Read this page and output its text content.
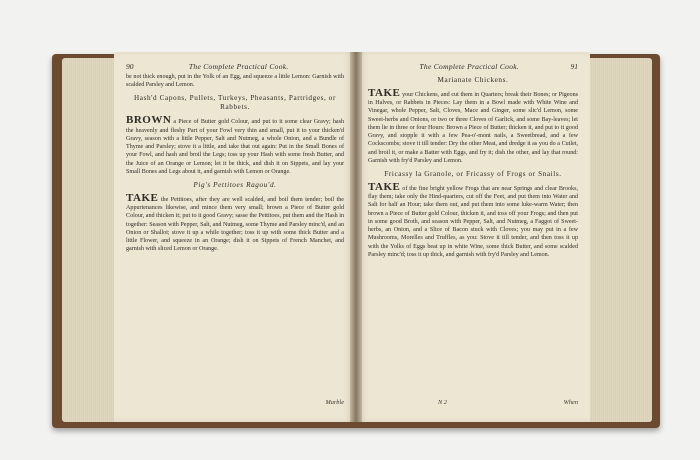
90	The Complete Practical Cook.
be not thick enough, put in the Yolk of an Egg, and squeeze a little Lemon: Garnish with scalded Parsley and Lemon.
Hash'd Capons, Pullets, Turkeys, Pheasants, Partridges, or Rabbets.
BROWN a Piece of Butter gold Colour, and put to it some clear Gravy; hash the heavenly and fleshy Part of your Fowl very thin and small, put it to your thicken'd Gravy, season with a little Pepper, Salt and Nutmeg, a whole Onion, and a Bundle of Thyme and Parsley; stove it a little, and take that out again: Put in the Small Bones of your Fowl, and hash and broil the Legs; toss up your Hash with some fresh Butter, and the Juice of an Orange or Lemon; let it be thick, and dish it on Sippets, and lay your Small Bones and Legs about it, and garnish with Lemon or Orange.
Pig's Pettitoes Ragou'd.
TAKE the Pettitoes, after they are well scalded, and boil them tender; boil the Appurtenances likewise, and mince them very small; brown a Piece of Butter gold Colour, and thicken it; put to it good Gravy; sasse the Pettitoes, put them and the Hash in together: Season with Pepper, Salt, and Nutmeg, some Thyme and Parsley minc'd, and an Onion or Shallot; stove it up a while together; toss it up with some thick Butter and a little Flower, and squeeze in an Orange; dish it on Sippets of French Manchet, and garnish with sliced Lemon or Orange.
Marble
The Complete Practical Cook.	91
Marianate Chickens.
TAKE your Chickens, and cut them in Quarters; break their Bones; or Pigeons in Halves, or Rabbets in Pieces: Lay them in a Bowl made with White Wine and Vinegar, whole Pepper, Salt, Cloves, Mace and Ginger, some slic'd Lemon, some Sweet-herbs and Onions, or two or three Cloves of Garlick, and some Bay-leaves; let them lie in three or four Hours: Brown a Piece of Butter; thicken it, and put to it good Gravy, and stopple it with a few Pea-o'-mont nails, a Sweetbread, and a few Cockscombs; stove it till tender: Dry the other Meat, and dredge it as you do a Cutlet, and broil it, or make a Batter with Eggs, and fry it; dish the other, and lay that round: Garnish with fry'd Parsley and Lemon.
Fricassy la Granole, or Fricassy of Frogs or Snails.
TAKE of the fine bright yellow Frogs that are near Springs and clear Brooks, flay them; take only the Hind-quarters, cut off the Feet, and put them into Water and Salt for half an Hour; take them out, and put them into some luke-warm Water; then brown a Piece of Butter gold Colour, thicken it, and toss off your Frogs; and then put in some good Broth, and season with Pepper, Salt, and Nutmeg, a Faggot of Sweet-herbs, an Onion, and a Slice of Bacon stuck with Cloves; you may put in a few Mushrooms, Morelles and Truffles, as you: Stove it till tender, and then toss it up with the Yolks of Eggs beat up in white Wine, some thick Butter, and some scalded Parsley minc'd; toss it up thick, and garnish with fry'd Parsley and Lemon.
N 2	When
